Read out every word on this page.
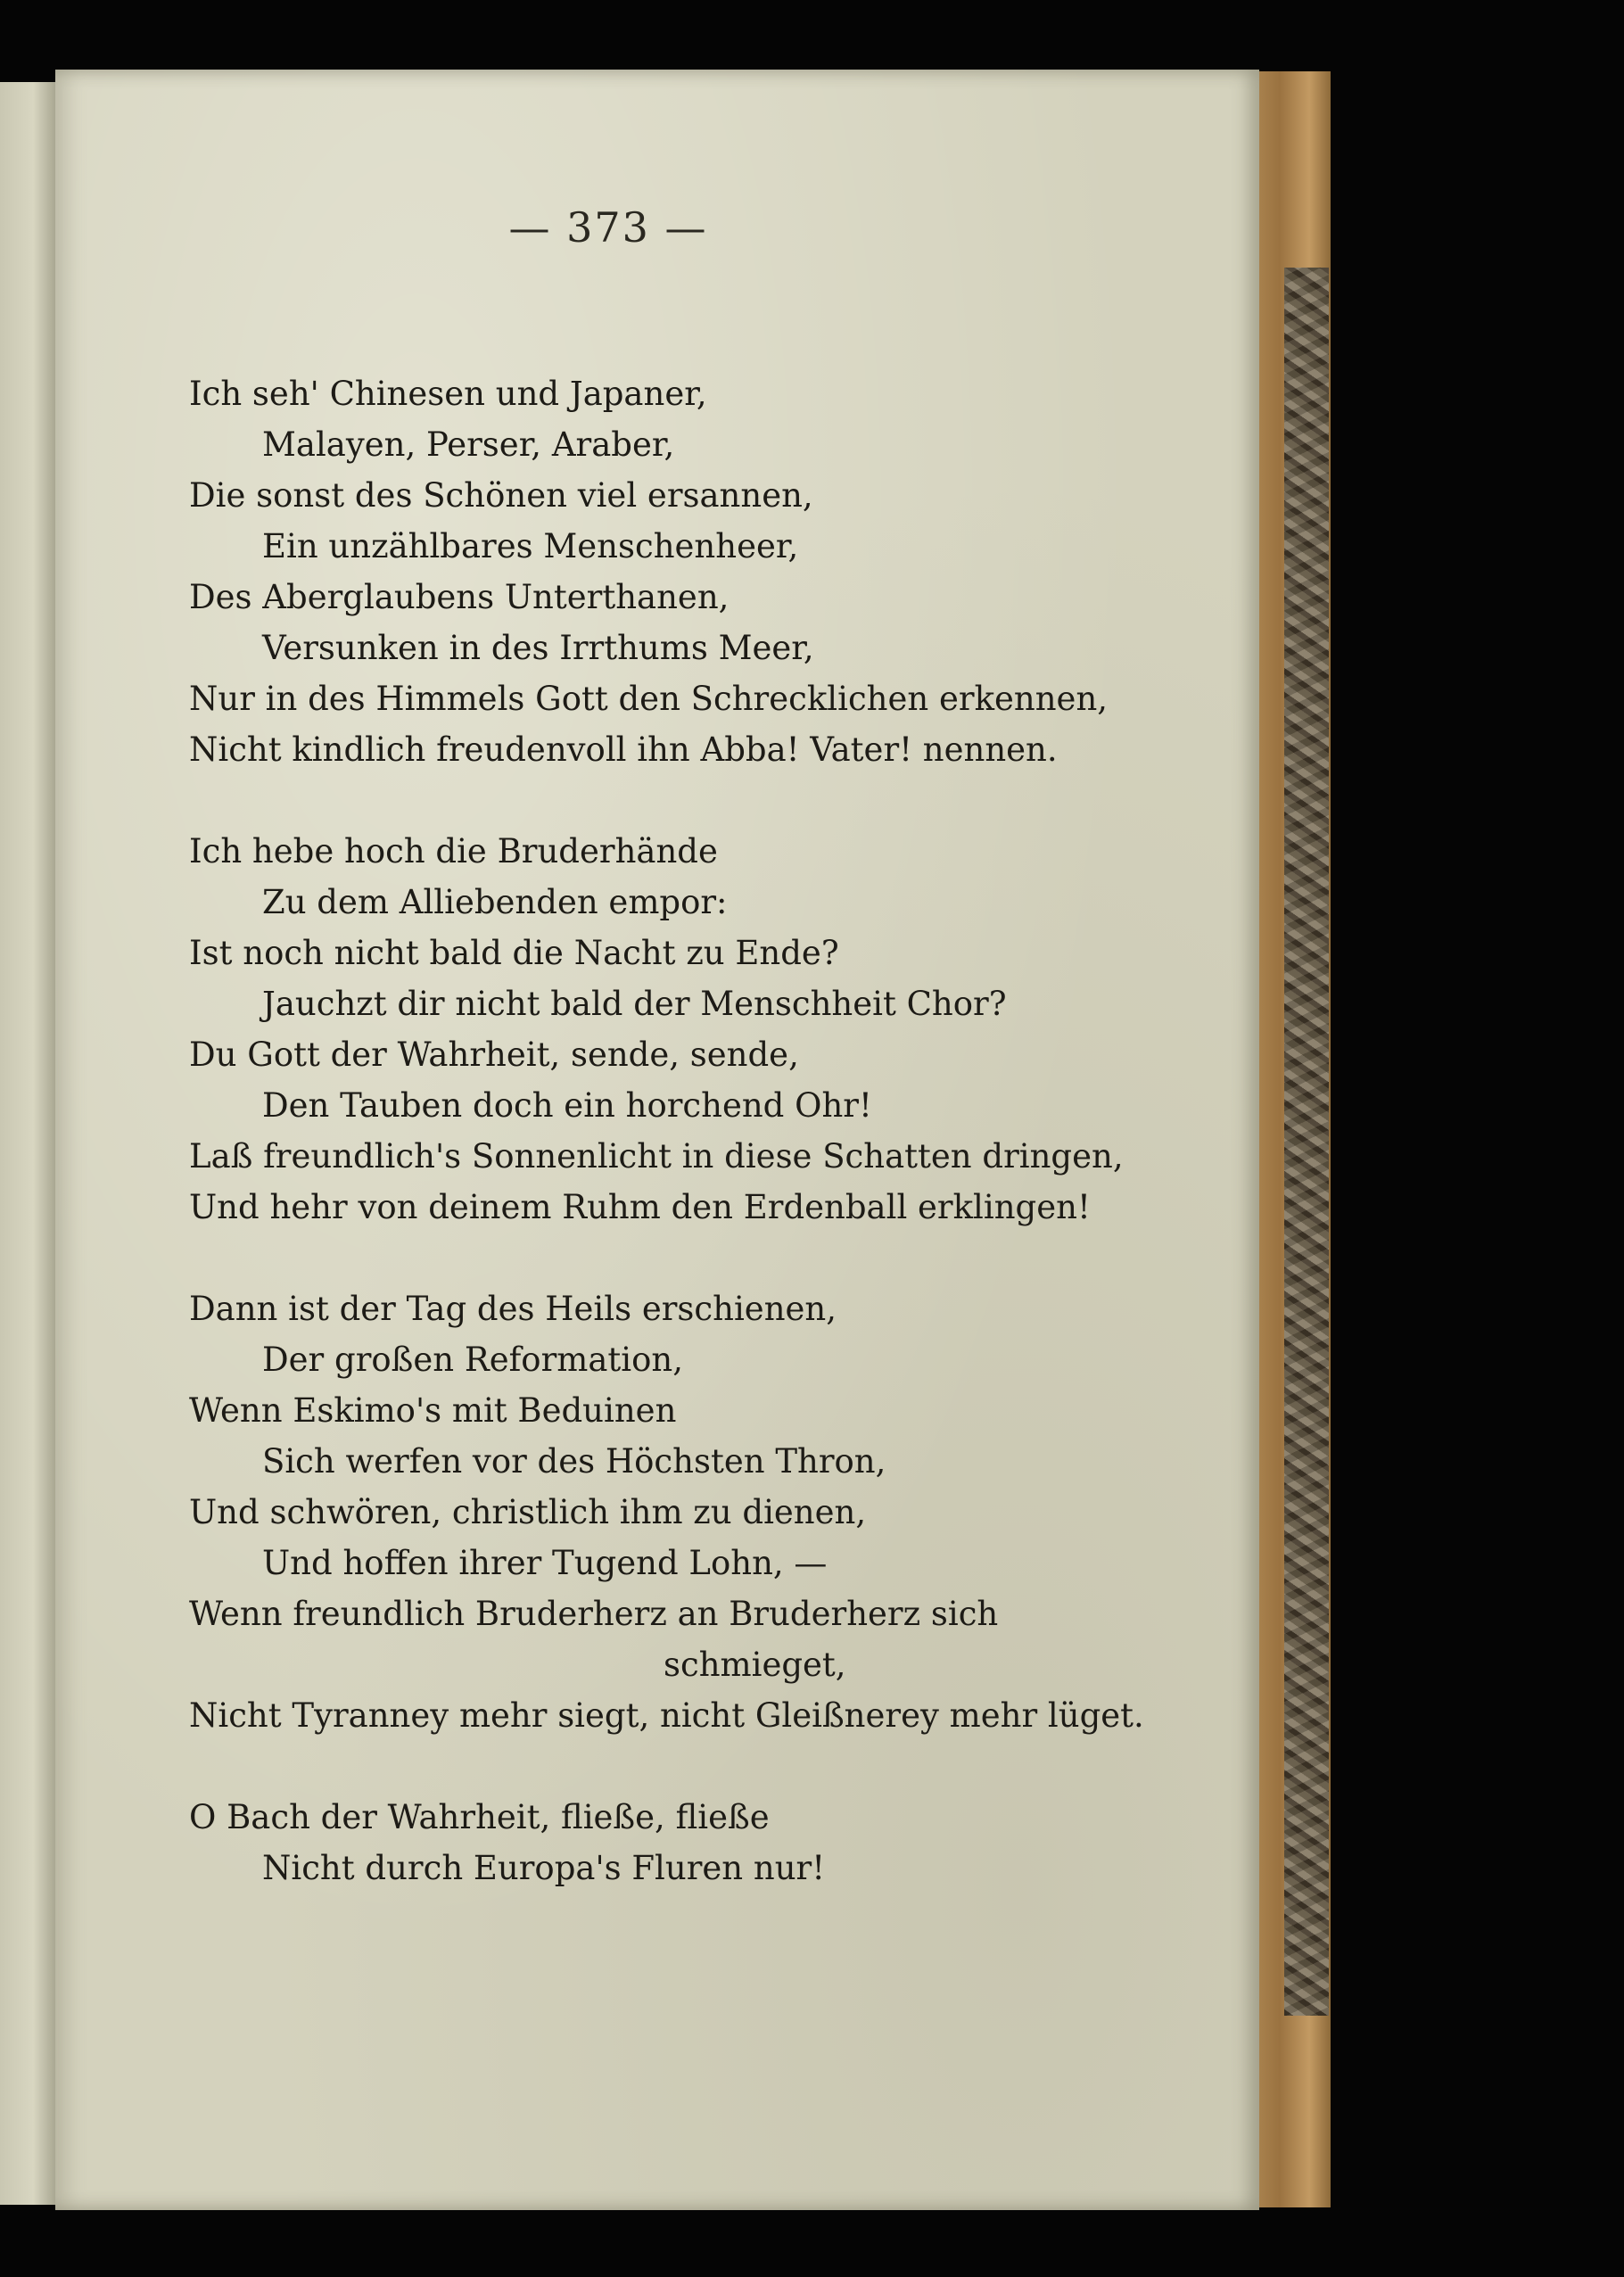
— 373 —
Ich seh' Chinesen und Japaner,
Malayen, Perser, Araber,
Die sonst des Schönen viel ersannen,
Ein unzählbares Menschenheer,
Des Aberglaubens Unterthanen,
Versunken in des Irrthums Meer,
Nur in des Himmels Gott den Schrecklichen erkennen,
Nicht kindlich freudenvoll ihn Abba! Vater! nennen.
Ich hebe hoch die Bruderhände
Zu dem Alliebenden empor:
Ist noch nicht bald die Nacht zu Ende?
Jauchzt dir nicht bald der Menschheit Chor?
Du Gott der Wahrheit, sende, sende,
Den Tauben doch ein horchend Ohr!
Laß freundlich's Sonnenlicht in diese Schatten dringen,
Und hehr von deinem Ruhm den Erdenball erklingen!
Dann ist der Tag des Heils erschienen,
Der großen Reformation,
Wenn Eskimo's mit Beduinen
Sich werfen vor des Höchsten Thron,
Und schwören, christlich ihm zu dienen,
Und hoffen ihrer Tugend Lohn, —
Wenn freundlich Bruderherz an Bruderherz sich
schmieget,
Nicht Tyranney mehr siegt, nicht Gleißnerey mehr lüget.
O Bach der Wahrheit, fließe, fließe
Nicht durch Europa's Fluren nur!
